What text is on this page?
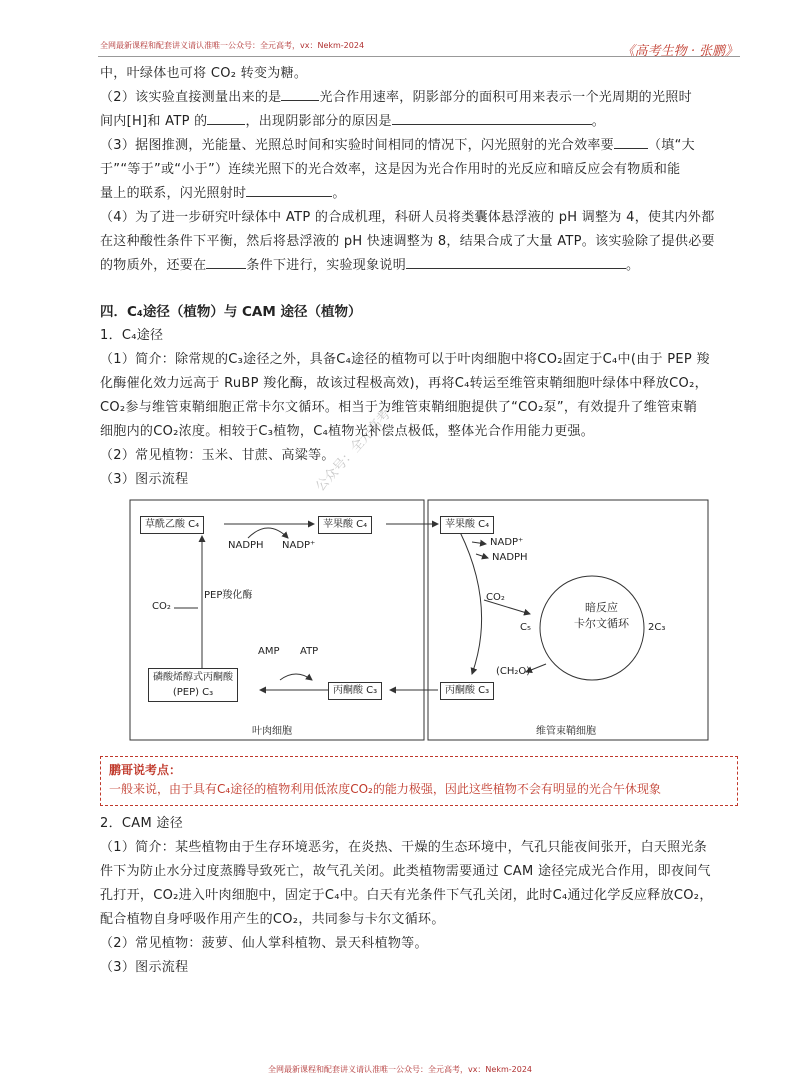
全网最新课程和配套讲义请认准唯一公众号：全元高考，vx：Nekm-2024	《高考生物 · 张鹏》
公众号：全元高考

中，叶绿体也可将 CO₂ 转变为糖。

（2）该实验直接测量出来的是	光合作用速率，阴影部分的面积可用来表示一个光周期的光照时
间内[H]和 ATP 的	，出现阴影部分的原因是	。

（3）据图推测，光能量、光照总时间和实验时间相同的情况下，闪光照射的光合效率要	（填“大
于”“等于”或“小于”）连续光照下的光合效率，这是因为光合作用时的光反应和暗反应会有物质和能
量上的联系，闪光照射时	。

（4）为了进一步研究叶绿体中 ATP 的合成机理，科研人员将类囊体悬浮液的 pH 调整为 4，使其内外都
在这种酸性条件下平衡，然后将悬浮液的 pH 快速调整为 8，结果合成了大量 ATP。该实验除了提供必要
的物质外，还要在	条件下进行，实验现象说明	。

四．C₄途径（植物）与 CAM 途径（植物）

1．C₄途径

（1）简介：除常规的C₃途径之外，具备C₄途径的植物可以于叶肉细胞中将CO₂固定于C₄中(由于 PEP 羧

化酶催化效力远高于 RuBP 羧化酶，故该过程极高效)，再将C₄转运至维管束鞘细胞叶绿体中释放CO₂，

CO₂参与维管束鞘细胞正常卡尔文循环。相当于为维管束鞘细胞提供了“CO₂泵”，有效提升了维管束鞘

细胞内的CO₂浓度。相较于C₃植物，C₄植物光补偿点极低，整体光合作用能力更强。

（2）常见植物：玉米、甘蔗、高粱等。

（3）图示流程

草酰乙酸 C₄	苹果酸 C₄
NADPH NADP⁺
CO₂
PEP羧化酶
AMP ATP
磷酸烯醇式丙酮酸
(PEP) C₃	丙酮酸 C₃
叶肉细胞
苹果酸 C₄
NADP⁺
NADPH
CO₂
暗反应
卡尔文循环
C₅	2C₃
(CH₂O)
丙酮酸 C₃
维管束鞘细胞
鹏哥说考点：
一般来说，由于具有C₄途径的植物利用低浓度CO₂的能力极强，因此这些植物不会有明显的光合午休现象

2．CAM 途径

（1）简介：某些植物由于生存环境恶劣，在炎热、干燥的生态环境中，气孔只能夜间张开，白天照光条

件下为防止水分过度蒸腾导致死亡，故气孔关闭。此类植物需要通过 CAM 途径完成光合作用，即夜间气

孔打开，CO₂进入叶肉细胞中，固定于C₄中。白天有光条件下气孔关闭，此时C₄通过化学反应释放CO₂，

配合植物自身呼吸作用产生的CO₂，共同参与卡尔文循环。

（2）常见植物：菠萝、仙人掌科植物、景天科植物等。

（3）图示流程

全网最新课程和配套讲义请认准唯一公众号：全元高考，vx：Nekm-2024
